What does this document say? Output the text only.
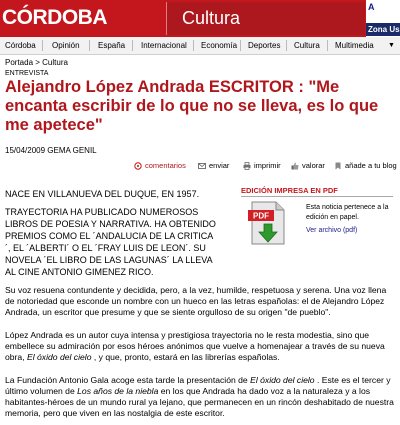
CÓRDOBA	Cultura
A
Zona Us
Córdoba Opinión España Internacional Economía Deportes Cultura Multimedia ▼
Portada > Cultura
ENTREVISTA
Alejandro López Andrada ESCRITOR : "Me encanta escribir de lo que no se lleva, es lo que me apetece"
15/04/2009 GEMA GENIL
comentarios	enviar	imprimir	valorar	añade a tu blog
NACE EN VILLANUEVA DEL DUQUE, EN 1957.
TRAYECTORIA HA PUBLICADO NUMEROSOS LIBROS DE POESIA Y NARRATIVA. HA OBTENIDO PREMIOS COMO EL ´ANDALUCIA DE LA CRITICA´, EL ´ALBERTI´ O EL ´FRAY LUIS DE LEON´. SU NOVELA ´EL LIBRO DE LAS LAGUNAS´ LA LLEVA AL CINE ANTONIO GIMENEZ RICO.
EDICIÓN IMPRESA EN PDF
PDF
Esta noticia pertenece a la edición en papel.
Ver archivo (pdf)

Su voz resuena contundente y decidida, pero, a la vez, humilde, respetuosa y serena. Una voz llena de notoriedad que esconde un nombre con un hueco en las letras españolas: el de Alejandro López Andrada, un escritor que presume y que se siente orgulloso de su origen "de pueblo".

López Andrada es un autor cuya intensa y prestigiosa trayectoria no le resta modestia, sino que embellece su admiración por esos héroes anónimos que vuelve a homenajear a través de su nueva obra, El óxido del cielo , y que, pronto, estará en las librerías españolas.

La Fundación Antonio Gala acoge esta tarde la presentación de El óxido del cielo . Este es el tercer y último volumen de Los años de la niebla en los que Andrada ha dado voz a la naturaleza y a los habitantes-héroes de un mundo rural ya lejano, que permanecen en un rincón deshabitado de nuestra memoria, pero que viven en las nostalgia de este escritor.
